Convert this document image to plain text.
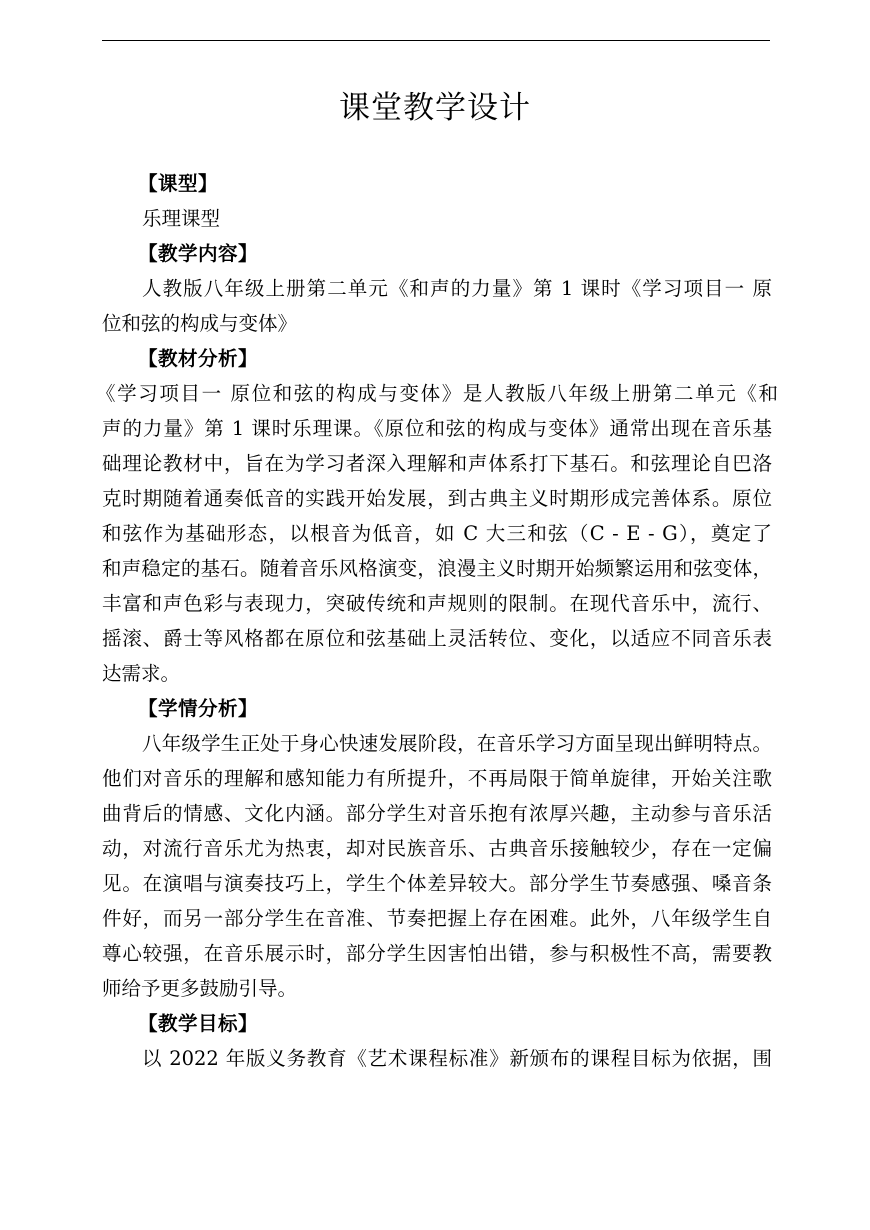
课堂教学设计
【课型】
乐理课型
【教学内容】
人教版八年级上册第二单元《和声的力量》第 1 课时《学习项目一 原
位和弦的构成与变体》
【教材分析】
《学习项目一 原位和弦的构成与变体》是人教版八年级上册第二单元《和
声的力量》第 1 课时乐理课。《原位和弦的构成与变体》通常出现在音乐基
础理论教材中，旨在为学习者深入理解和声体系打下基石。和弦理论自巴洛
克时期随着通奏低音的实践开始发展，到古典主义时期形成完善体系。原位
和弦作为基础形态，以根音为低音，如 C 大三和弦（C - E - G），奠定了
和声稳定的基石。随着音乐风格演变，浪漫主义时期开始频繁运用和弦变体，
丰富和声色彩与表现力，突破传统和声规则的限制。在现代音乐中，流行、
摇滚、爵士等风格都在原位和弦基础上灵活转位、变化，以适应不同音乐表
达需求。
【学情分析】
八年级学生正处于身心快速发展阶段，在音乐学习方面呈现出鲜明特点。
他们对音乐的理解和感知能力有所提升，不再局限于简单旋律，开始关注歌
曲背后的情感、文化内涵。部分学生对音乐抱有浓厚兴趣，主动参与音乐活
动，对流行音乐尤为热衷，却对民族音乐、古典音乐接触较少，存在一定偏
见。在演唱与演奏技巧上，学生个体差异较大。部分学生节奏感强、嗓音条
件好，而另一部分学生在音准、节奏把握上存在困难。此外，八年级学生自
尊心较强，在音乐展示时，部分学生因害怕出错，参与积极性不高，需要教
师给予更多鼓励引导。
【教学目标】
以 2022 年版义务教育《艺术课程标准》新颁布的课程目标为依据，围
